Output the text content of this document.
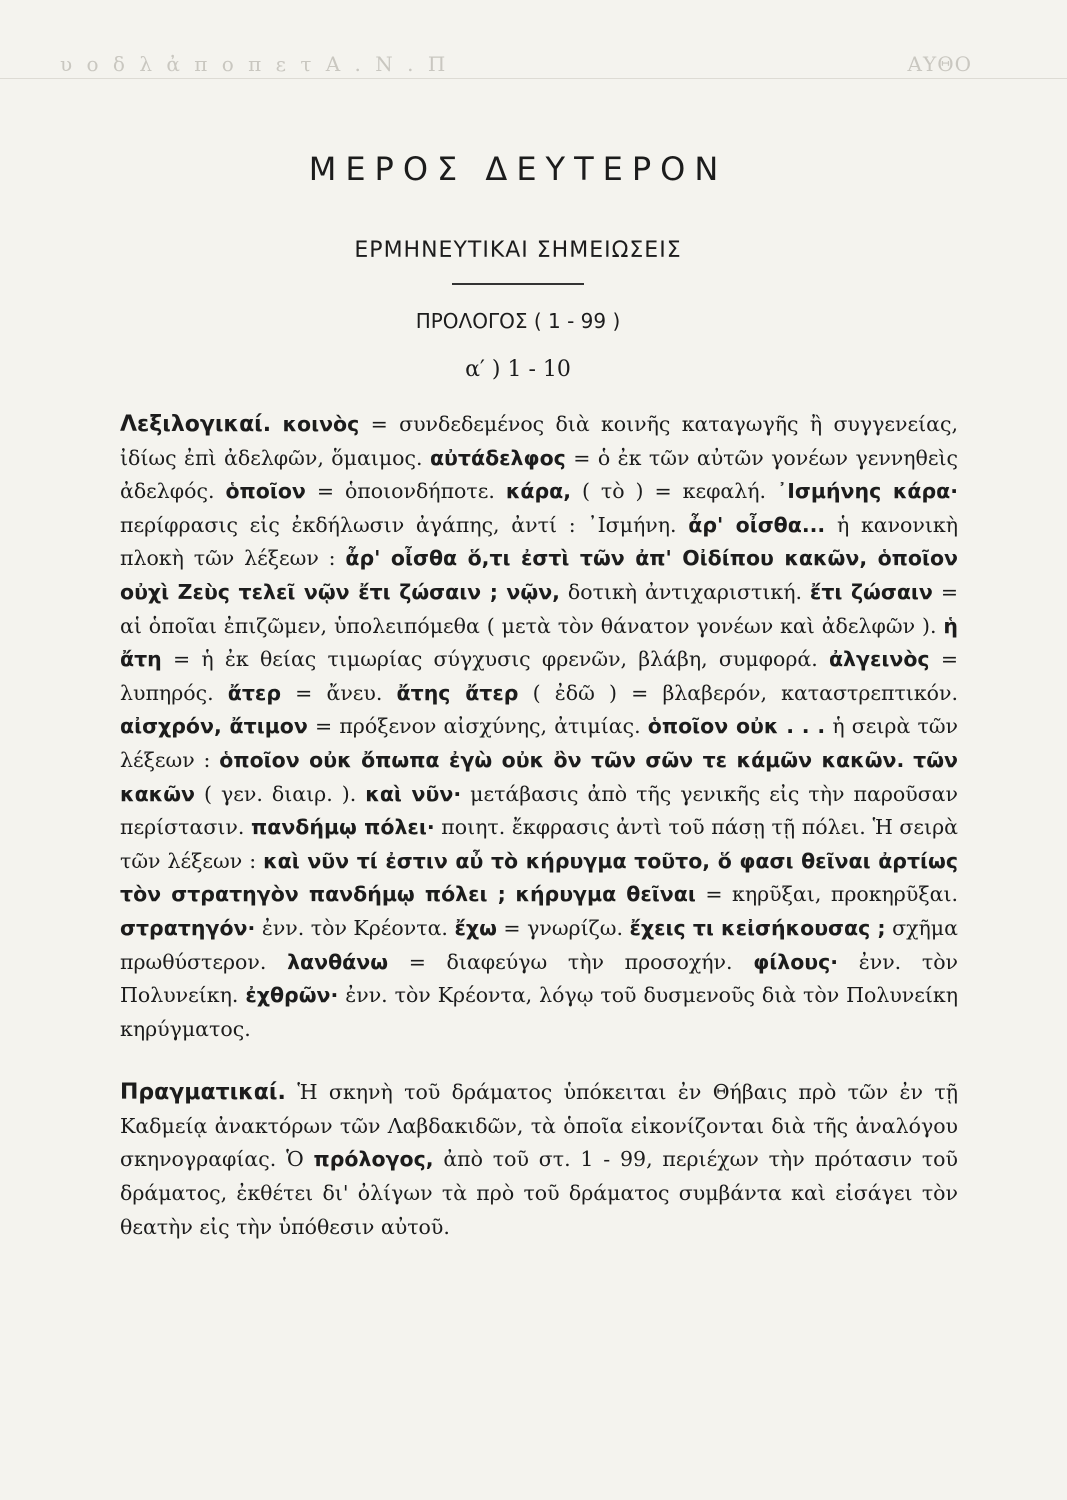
υ ο δ λ ἀ π ο π ε τ Α . Ν . Π	ΑΥΘΟ
ΜΕΡΟΣ ΔΕΥΤΕΡΟΝ
ΕΡΜΗΝΕΥΤΙΚΑΙ ΣΗΜΕΙΩΣΕΙΣ
ΠΡΟΛΟΓΟΣ ( 1 - 99 )
α′ ) 1 - 10

Λεξιλογικαί. κοινὸς = συνδεδεμένος διὰ κοινῆς καταγωγῆς ἢ συγγενείας, ἰδίως ἐπὶ ἀδελφῶν, ὅμαιμος. αὐτάδελφος = ὁ ἐκ τῶν αὐτῶν γονέων γεννηθεὶς ἀδελφός. ὁποῖον = ὁποιονδήποτε. κάρα, ( τὸ ) = κεφαλή. ᾿Ισμήνης κάρα· περίφρασις εἰς ἐκδήλωσιν ἀγάπης, ἀντί : ᾿Ισμήνη. ἆρ' οἶσθα... ἡ κανονικὴ πλοκὴ τῶν λέξεων : ἆρ' οἶσθα ὅ,τι ἐστὶ τῶν ἀπ' Οἰδίπου κακῶν, ὁποῖον οὐχὶ Ζεὺς τελεῖ νῷν ἔτι ζώσαιν ; νῷν, δοτικὴ ἀντιχαριστική. ἔτι ζώσαιν = αἱ ὁποῖαι ἐπιζῶμεν, ὑπολειπόμεθα ( μετὰ τὸν θάνατον γονέων καὶ ἀδελφῶν ). ἡ ἄτη = ἡ ἐκ θείας τιμωρίας σύγχυσις φρενῶν, βλάβη, συμφορά. ἀλγεινὸς = λυπηρός. ἄτερ = ἄνευ. ἄτης ἄτερ ( ἐδῶ ) = βλαβερόν, καταστρεπτικόν. αἰσχρόν, ἄτιμον = πρόξενον αἰσχύνης, ἀτιμίας. ὁποῖον οὐκ . . . ἡ σειρὰ τῶν λέξεων : ὁποῖον οὐκ ὄπωπα ἐγὼ οὐκ ὂν τῶν σῶν τε κάμῶν κακῶν. τῶν κακῶν ( γεν. διαιρ. ). καὶ νῦν· μετάβασις ἀπὸ τῆς γενικῆς εἰς τὴν παροῦσαν περίστασιν. πανδήμῳ πόλει· ποιητ. ἔκφρασις ἀντὶ τοῦ πάσῃ τῇ πόλει. Ἡ σειρὰ τῶν λέξεων : καὶ νῦν τί ἐστιν αὖ τὸ κήρυγμα τοῦτο, ὅ φασι θεῖναι ἀρτίως τὸν στρατηγὸν πανδήμῳ πόλει ; κήρυγμα θεῖναι = κηρῦξαι, προκηρῦξαι. στρατηγόν· ἐνν. τὸν Κρέοντα. ἔχω = γνωρίζω. ἔχεις τι κεἰσήκουσας ; σχῆμα πρωθύστερον. λανθάνω = διαφεύγω τὴν προσοχήν. φίλους· ἐνν. τὸν Πολυνείκη. ἐχθρῶν· ἐνν. τὸν Κρέοντα, λόγῳ τοῦ δυσμενοῦς διὰ τὸν Πολυνείκη κηρύγματος.

Πραγματικαί. Ἡ σκηνὴ τοῦ δράματος ὑπόκειται ἐν Θήβαις πρὸ τῶν ἐν τῇ Καδμείᾳ ἀνακτόρων τῶν Λαβδακιδῶν, τὰ ὁποῖα εἰκονίζονται διὰ τῆς ἀναλόγου σκηνογραφίας. Ὁ πρόλογος, ἀπὸ τοῦ στ. 1 - 99, περιέχων τὴν πρότασιν τοῦ δράματος, ἐκθέτει δι' ὀλίγων τὰ πρὸ τοῦ δράματος συμβάντα καὶ εἰσάγει τὸν θεατὴν εἰς τὴν ὑπόθεσιν αὐτοῦ.
